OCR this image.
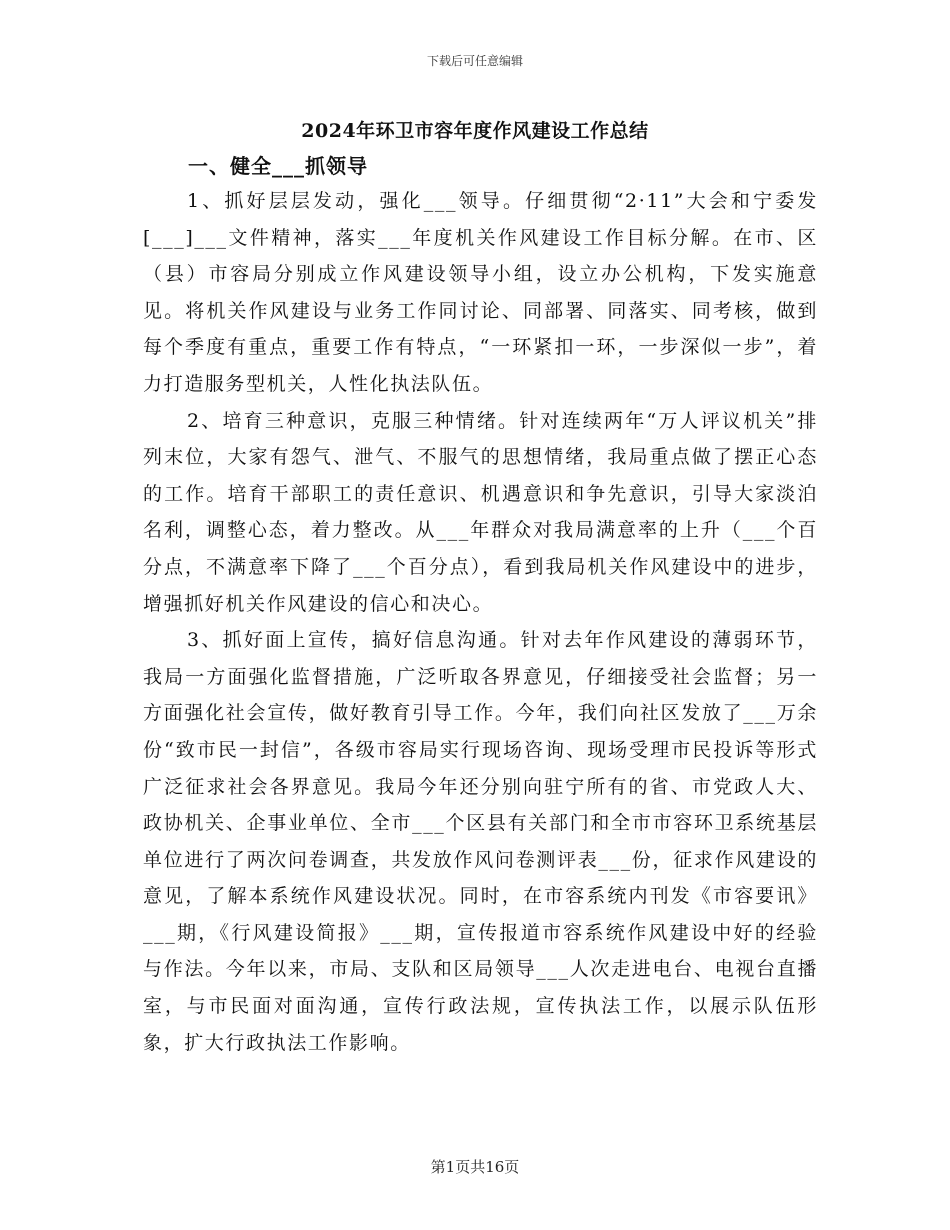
下载后可任意编辑
2024年环卫市容年度作风建设工作总结
一、健全___抓领导

1、抓好层层发动，强化___领导。仔细贯彻“2·11”大会和宁委发[___]___文件精神，落实___年度机关作风建设工作目标分解。在市、区（县）市容局分别成立作风建设领导小组，设立办公机构，下发实施意见。将机关作风建设与业务工作同讨论、同部署、同落实、同考核，做到每个季度有重点，重要工作有特点，“一环紧扣一环，一步深似一步”，着力打造服务型机关，人性化执法队伍。

2、培育三种意识，克服三种情绪。针对连续两年“万人评议机关”排列末位，大家有怨气、泄气、不服气的思想情绪，我局重点做了摆正心态的工作。培育干部职工的责任意识、机遇意识和争先意识，引导大家淡泊名利，调整心态，着力整改。从___年群众对我局满意率的上升（___个百分点，不满意率下降了___个百分点），看到我局机关作风建设中的进步，增强抓好机关作风建设的信心和决心。

3、抓好面上宣传，搞好信息沟通。针对去年作风建设的薄弱环节，我局一方面强化监督措施，广泛听取各界意见，仔细接受社会监督；另一方面强化社会宣传，做好教育引导工作。今年，我们向社区发放了___万余份“致市民一封信”，各级市容局实行现场咨询、现场受理市民投诉等形式广泛征求社会各界意见。我局今年还分别向驻宁所有的省、市党政人大、政协机关、企事业单位、全市___个区县有关部门和全市市容环卫系统基层单位进行了两次问卷调查，共发放作风问卷测评表___份，征求作风建设的意见，了解本系统作风建设状况。同时，在市容系统内刊发《市容要讯》___期，《行风建设简报》___期，宣传报道市容系统作风建设中好的经验与作法。今年以来，市局、支队和区局领导___人次走进电台、电视台直播室，与市民面对面沟通，宣传行政法规，宣传执法工作，以展示队伍形象，扩大行政执法工作影响。

第1页共16页
